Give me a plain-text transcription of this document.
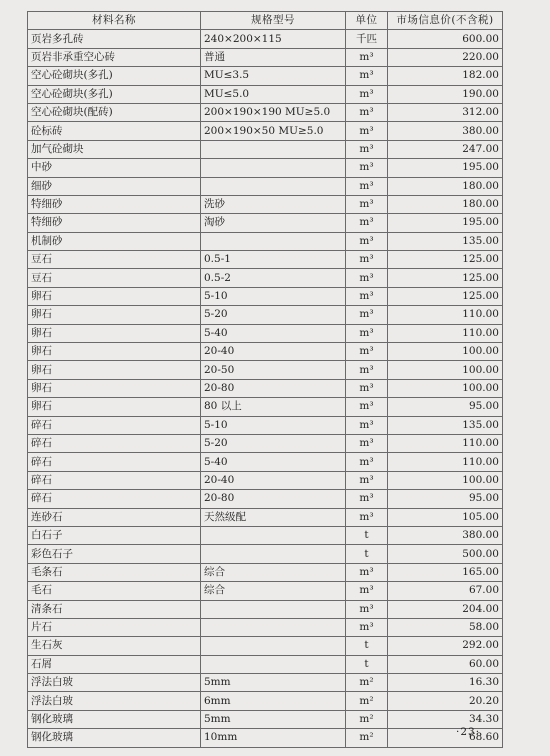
材料名称	规格型号	单位	市场信息价(不含税)
页岩多孔砖	240×200×115	千匹	600.00
页岩非承重空心砖	普通	m³	220.00
空心砼砌块(多孔)	MU≤3.5	m³	182.00
空心砼砌块(多孔)	MU≤5.0	m³	190.00
空心砼砌块(配砖)	200×190×190 MU≥5.0	m³	312.00
砼标砖	200×190×50 MU≥5.0	m³	380.00
加气砼砌块		m³	247.00
中砂		m³	195.00
细砂		m³	180.00
特细砂	洗砂	m³	180.00
特细砂	淘砂	m³	195.00
机制砂		m³	135.00
豆石	0.5-1	m³	125.00
豆石	0.5-2	m³	125.00
卵石	5-10	m³	125.00
卵石	5-20	m³	110.00
卵石	5-40	m³	110.00
卵石	20-40	m³	100.00
卵石	20-50	m³	100.00
卵石	20-80	m³	100.00
卵石	80 以上	m³	95.00
碎石	5-10	m³	135.00
碎石	5-20	m³	110.00
碎石	5-40	m³	110.00
碎石	20-40	m³	100.00
碎石	20-80	m³	95.00
连砂石	天然级配	m³	105.00
白石子		t	380.00
彩色石子		t	500.00
毛条石	综合	m³	165.00
毛石	综合	m³	67.00
清条石		m³	204.00
片石		m³	58.00
生石灰		t	292.00
石屑		t	60.00
浮法白玻	5mm	m²	16.30
浮法白玻	6mm	m²	20.20
钢化玻璃	5mm	m²	34.30
钢化玻璃	10mm	m²	68.60
·23·
